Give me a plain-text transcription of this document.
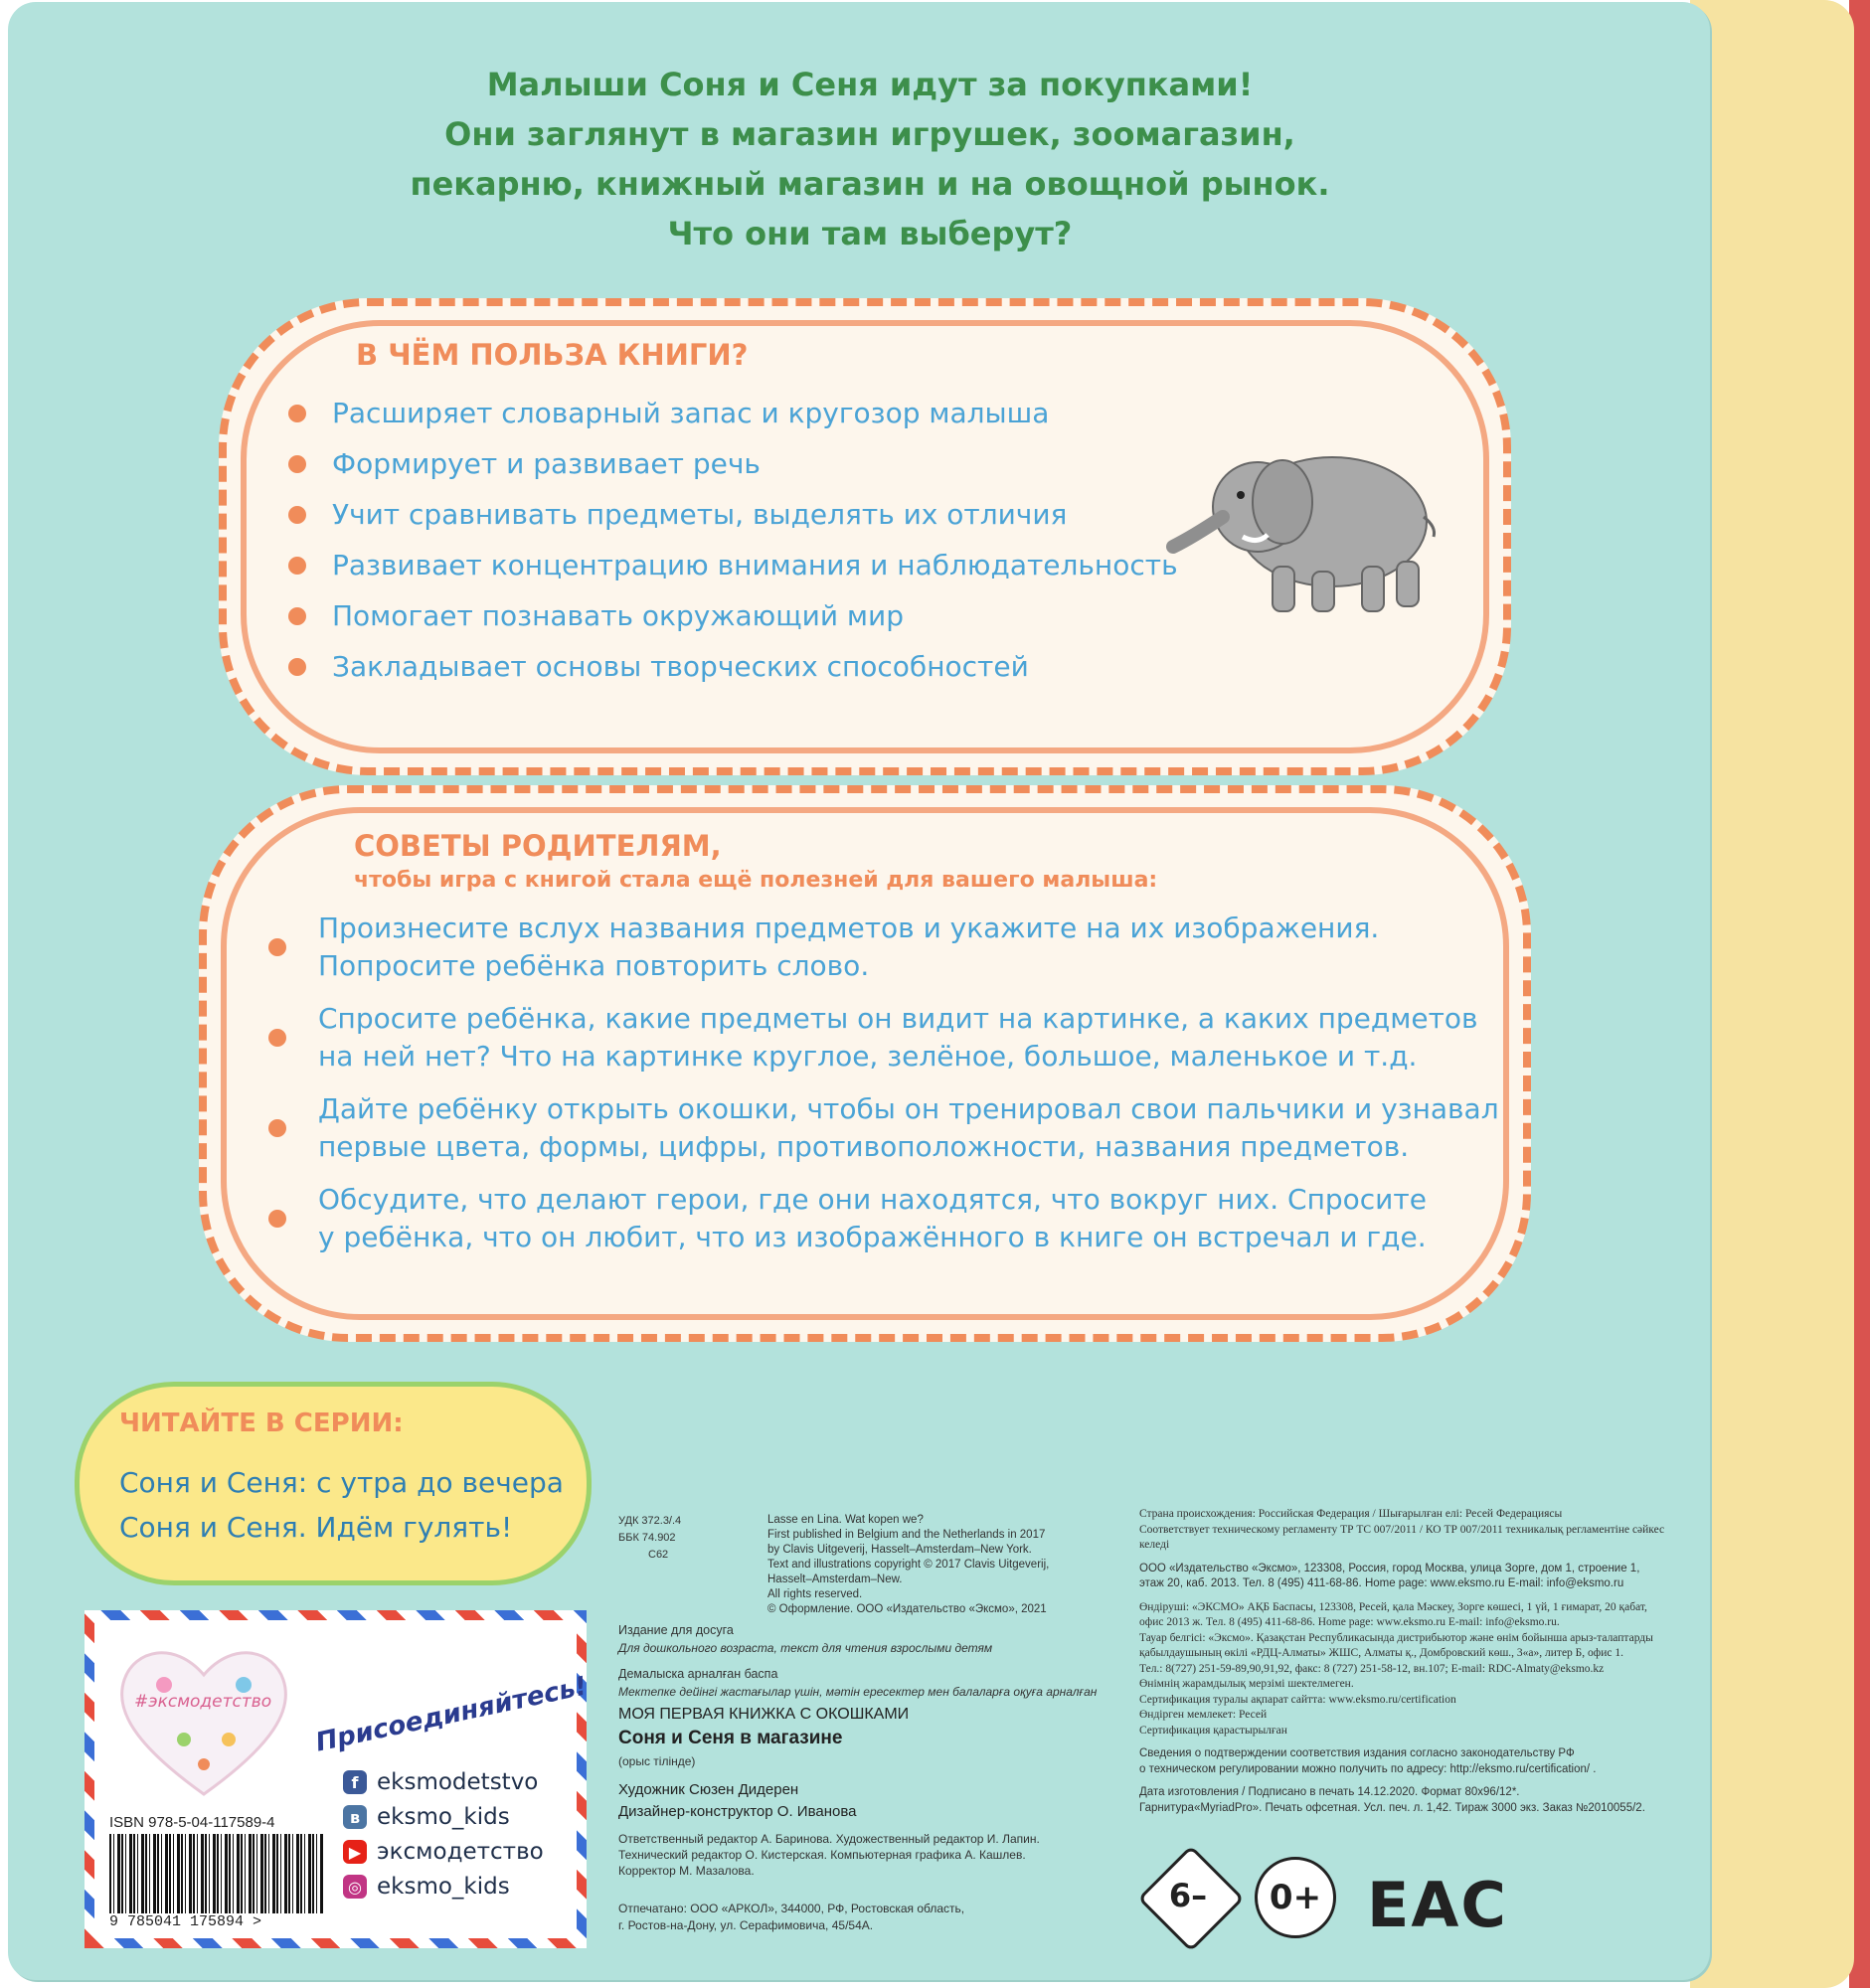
Малыши Соня и Сеня идут за покупками!
Они заглянут в магазин игрушек, зоомагазин,
пекарню, книжный магазин и на овощной рынок.
Что они там выберут?
В ЧЁМ ПОЛЬЗА КНИГИ?
Расширяет словарный запас и кругозор малыша
Формирует и развивает речь
Учит сравнивать предметы, выделять их отличия
Развивает концентрацию внимания и наблюдательность
Помогает познавать окружающий мир
Закладывает основы творческих способностей
СОВЕТЫ РОДИТЕЛЯМ,
чтобы игра с книгой стала ещё полезней для вашего малыша:
Произнесите вслух названия предметов и укажите на их изображения.
Попросите ребёнка повторить слово.
Спросите ребёнка, какие предметы он видит на картинке, а каких предметов
на ней нет? Что на картинке круглое, зелёное, большое, маленькое и т.д.
Дайте ребёнку открыть окошки, чтобы он тренировал свои пальчики и узнавал
первые цвета, формы, цифры, противоположности, названия предметов.
Обсудите, что делают герои, где они находятся, что вокруг них. Спросите
у ребёнка, что он любит, что из изображённого в книге он встречал и где.
ЧИТАЙТЕ В СЕРИИ:
Соня и Сеня: с утра до вечера
Соня и Сеня. Идём гулять!
#эксмодетство Присоединяйтесь!
f eksmodetstvo
в eksmo_kids
▶ эксмодетство
◎ eksmo_kids
ISBN 978-5-04-117589-4
9 785041 175894 >
УДК 372.3/.4
ББК 74.902
С62
Lasse en Lina. Wat kopen we?
First published in Belgium and the Netherlands in 2017
by Clavis Uitgeverij, Hasselt–Amsterdam–New York.
Text and illustrations copyright © 2017 Clavis Uitgeverij,
Hasselt–Amsterdam–New.
All rights reserved.
© Оформление. ООО «Издательство «Эксмо», 2021
Издание для досуга
Для дошкольного возраста, текст для чтения взрослыми детям
Демалыска арналған баспа
Мектепке дейінгі жастағылар үшін, мәтін ересектер мен балаларға оқуға арналған
МОЯ ПЕРВАЯ КНИЖКА С ОКОШКАМИ
Соня и Сеня в магазине
(орыс тілінде)
Художник Сюзен Дидерен
Дизайнер-конструктор О. Иванова
Ответственный редактор А. Баринова. Художественный редактор И. Лапин.
Технический редактор О. Кистерская. Компьютерная графика А. Кашлев.
Корректор М. Мазалова.
Отпечатано: ООО «АРКОЛ», 344000, РФ, Ростовская область,
г. Ростов-на-Дону, ул. Серафимовича, 45/54А.
Страна происхождения: Российская Федерация / Шығарылған елі: Ресей Федерациясы
Соответствует техническому регламенту ТР ТС 007/2011 / КО ТР 007/2011 техникалық регламентіне сәйкес келеді
ООО «Издательство «Эксмо», 123308, Россия, город Москва, улица Зорге, дом 1, строение 1,
этаж 20, каб. 2013. Тел. 8 (495) 411-68-86. Home page: www.eksmo.ru E-mail: info@eksmo.ru
Өндіруші: «ЭКСМО» АҚБ Баспасы, 123308, Ресей, қала Мәскеу, Зорге көшесі, 1 үй, 1 ғимарат, 20 қабат,
офис 2013 ж. Тел. 8 (495) 411-68-86. Home page: www.eksmo.ru E-mail: info@eksmo.ru.
Тауар белгісі: «Эксмо». Қазақстан Республикасында дистрибьютор және өнім бойынша арыз-талаптарды
қабылдаушының өкілі «РДЦ-Алматы» ЖШС, Алматы қ., Домбровский көш., 3«а», литер Б, офис 1.
Тел.: 8(727) 251-59-89,90,91,92, факс: 8 (727) 251-58-12, вн.107; E-mail: RDC-Almaty@eksmo.kz
Өнімнің жарамдылық мерзімі шектелмеген.
Сертификация туралы ақпарат сайтта: www.eksmo.ru/certification
Өндірген мемлекет: Ресей
Сертификация қарастырылған
Сведения о подтверждении соответствия издания согласно законодательству РФ
о техническом регулировании можно получить по адресу: http://eksmo.ru/certification/ .
Дата изготовления / Подписано в печать 14.12.2020. Формат 80x96/12*.
Гарнитура«MyriadPro». Печать офсетная. Усл. печ. л. 1,42. Тираж 3000 экз. Заказ №2010055/2.
6–	0+ EAC
